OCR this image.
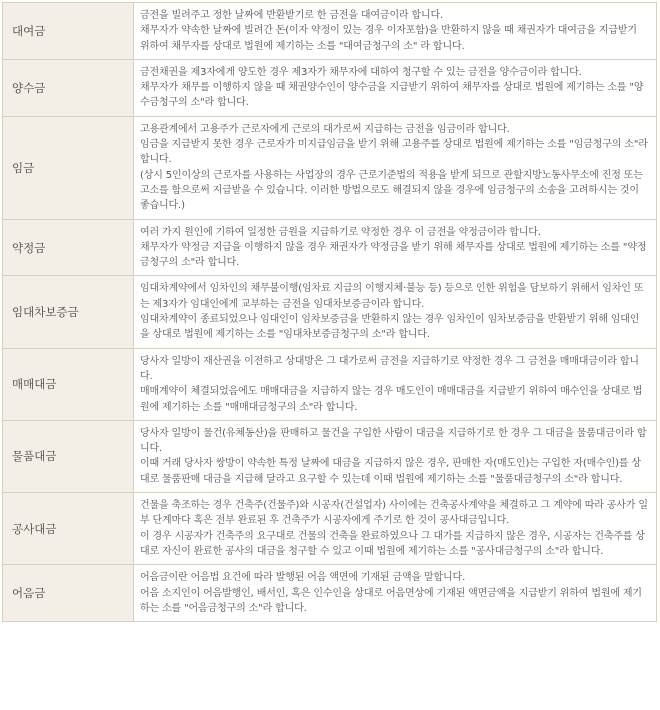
대여금	금전을 빌려주고 정한 날짜에 반환받기로 한 금전을 대여금이라 합니다.

채무자가 약속한 날짜에 빌려간 돈(이자 약정이 있는 경우 이자포함)을 반환하지 않을 때 채권자가 대여금을 지급받기 위하여 채무자를 상대로 법원에 제기하는 소를 "대여금청구의 소" 라 합니다.

양수금	금전채권을 제3자에게 양도한 경우 제3자가 채무자에 대하여 청구할 수 있는 금전을 양수금이라 합니다.

채무자가 채무를 이행하지 않을 때 채권양수인이 양수금을 지급받기 위하여 채무자를 상대로 법원에 제기하는 소를 "양수금청구의 소"라 합니다.

임금	고용관계에서 고용주가 근로자에게 근로의 대가로써 지급하는 금전을 임금이라 합니다.

임금을 지급받지 못한 경우 근로자가 미지급임금을 받기 위해 고용주를 상대로 법원에 제기하는 소를 "임금청구의 소"라 합니다.

(상시 5인이상의 근로자를 사용하는 사업장의 경우 근로기준법의 적용을 받게 되므로 관할지방노동사무소에 진정 또는 고소를 함으로써 지급받을 수 있습니다. 이러한 방법으로도 해결되지 않을 경우에 임금청구의 소송을 고려하시는 것이 좋습니다.)

약정금	여러 가지 원인에 기하여 일정한 금원을 지급하기로 약정한 경우 이 금전을 약정금이라 합니다.

채무자가 약정금 지급을 이행하지 않을 경우 채권자가 약정금을 받기 위해 채무자를 상대로 법원에 제기하는 소를 "약정금청구의 소"라 합니다.

임대차보증금	임대차계약에서 임차인의 채무불이행(임차료 지급의 이행지체·불능 등) 등으로 인한 위험을 담보하기 위해서 임차인 또는 제3자가 임대인에게 교부하는 금전을 임대차보증금이라 합니다.

임대차계약이 종료되었으나 임대인이 임차보증금을 반환하지 않는 경우 임차인이 임차보증금을 반환받기 위해 임대인을 상대로 법원에 제기하는 소를 "임대차보증금청구의 소"라 합니다.

매매대금	당사자 일방이 재산권을 이전하고 상대방은 그 대가로써 금전을 지급하기로 약정한 경우 그 금전을 매매대금이라 합니다.

매매계약이 체결되었음에도 매매대금을 지급하지 않는 경우 매도인이 매매대금을 지급받기 위하여 매수인을 상대로 법원에 제기하는 소를 "매매대금청구의 소"라 합니다.

물품대금	당사자 일방이 물건(유체동산)을 판매하고 물건을 구입한 사람이 대금을 지급하기로 한 경우 그 대금을 물품대금이라 합니다.

이때 거래 당사자 쌍방이 약속한 특정 날짜에 대금을 지급하지 않은 경우, 판매한 자(매도인)는 구입한 자(매수인)를 상대로 물품판매 대금을 지급해 달라고 요구할 수 있는데 이때 법원에 제기하는 소를 "물품대금청구의 소"라 합니다.

공사대금	건물을 축조하는 경우 건축주(건물주)와 시공자(건설업자) 사이에는 건축공사계약을 체결하고 그 계약에 따라 공사가 일부 단계마다 혹은 전부 완료된 후 건축주가 시공자에게 주기로 한 것이 공사대금입니다.

이 경우 시공자가 건축주의 요구대로 건물의 건축을 완료하였으나 그 대가를 지급하지 않은 경우, 시공자는 건축주를 상대로 자신이 완료한 공사의 대금을 청구할 수 있고 이때 법원에 제기하는 소를 "공사대금청구의 소"라 합니다.

어음금	어음금이란 어음법 요건에 따라 발행된 어음 액면에 기재된 금액을 말합니다.

어음 소지인이 어음발행인, 배서인, 혹은 인수인을 상대로 어음면상에 기재된 액면금액을 지급받기 위하여 법원에 제기하는 소를 "어음금청구의 소"라 합니다.
